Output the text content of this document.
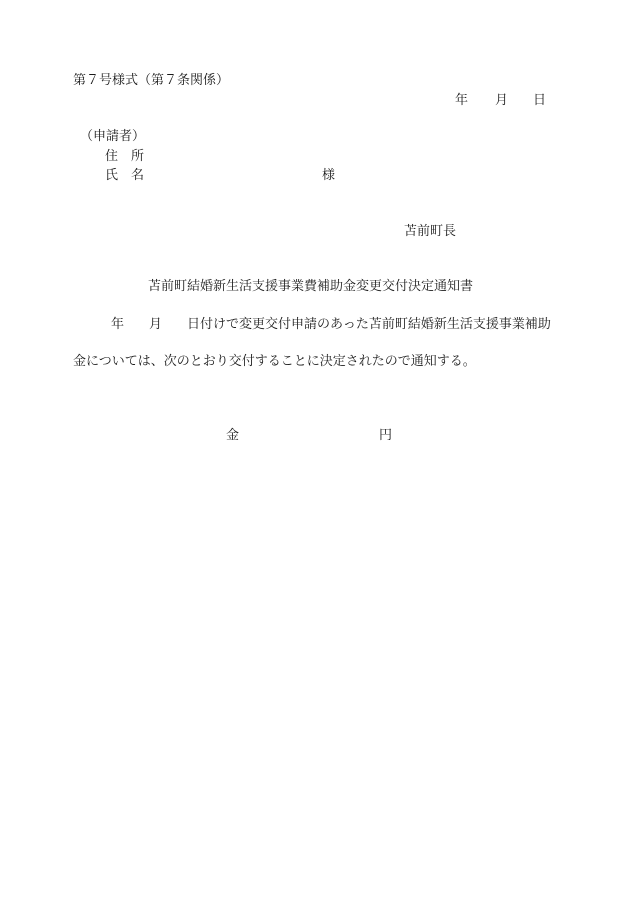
第７号様式（第７条関係）
年 月 日
（申請者）
住　所
氏　名	様
苫前町長
苫前町結婚新生活支援事業費補助金変更交付決定通知書
年 月 日付けで変更交付申請のあった苫前町結婚新生活支援事業補助
金については、次のとおり交付することに決定されたので通知する。
金	円
